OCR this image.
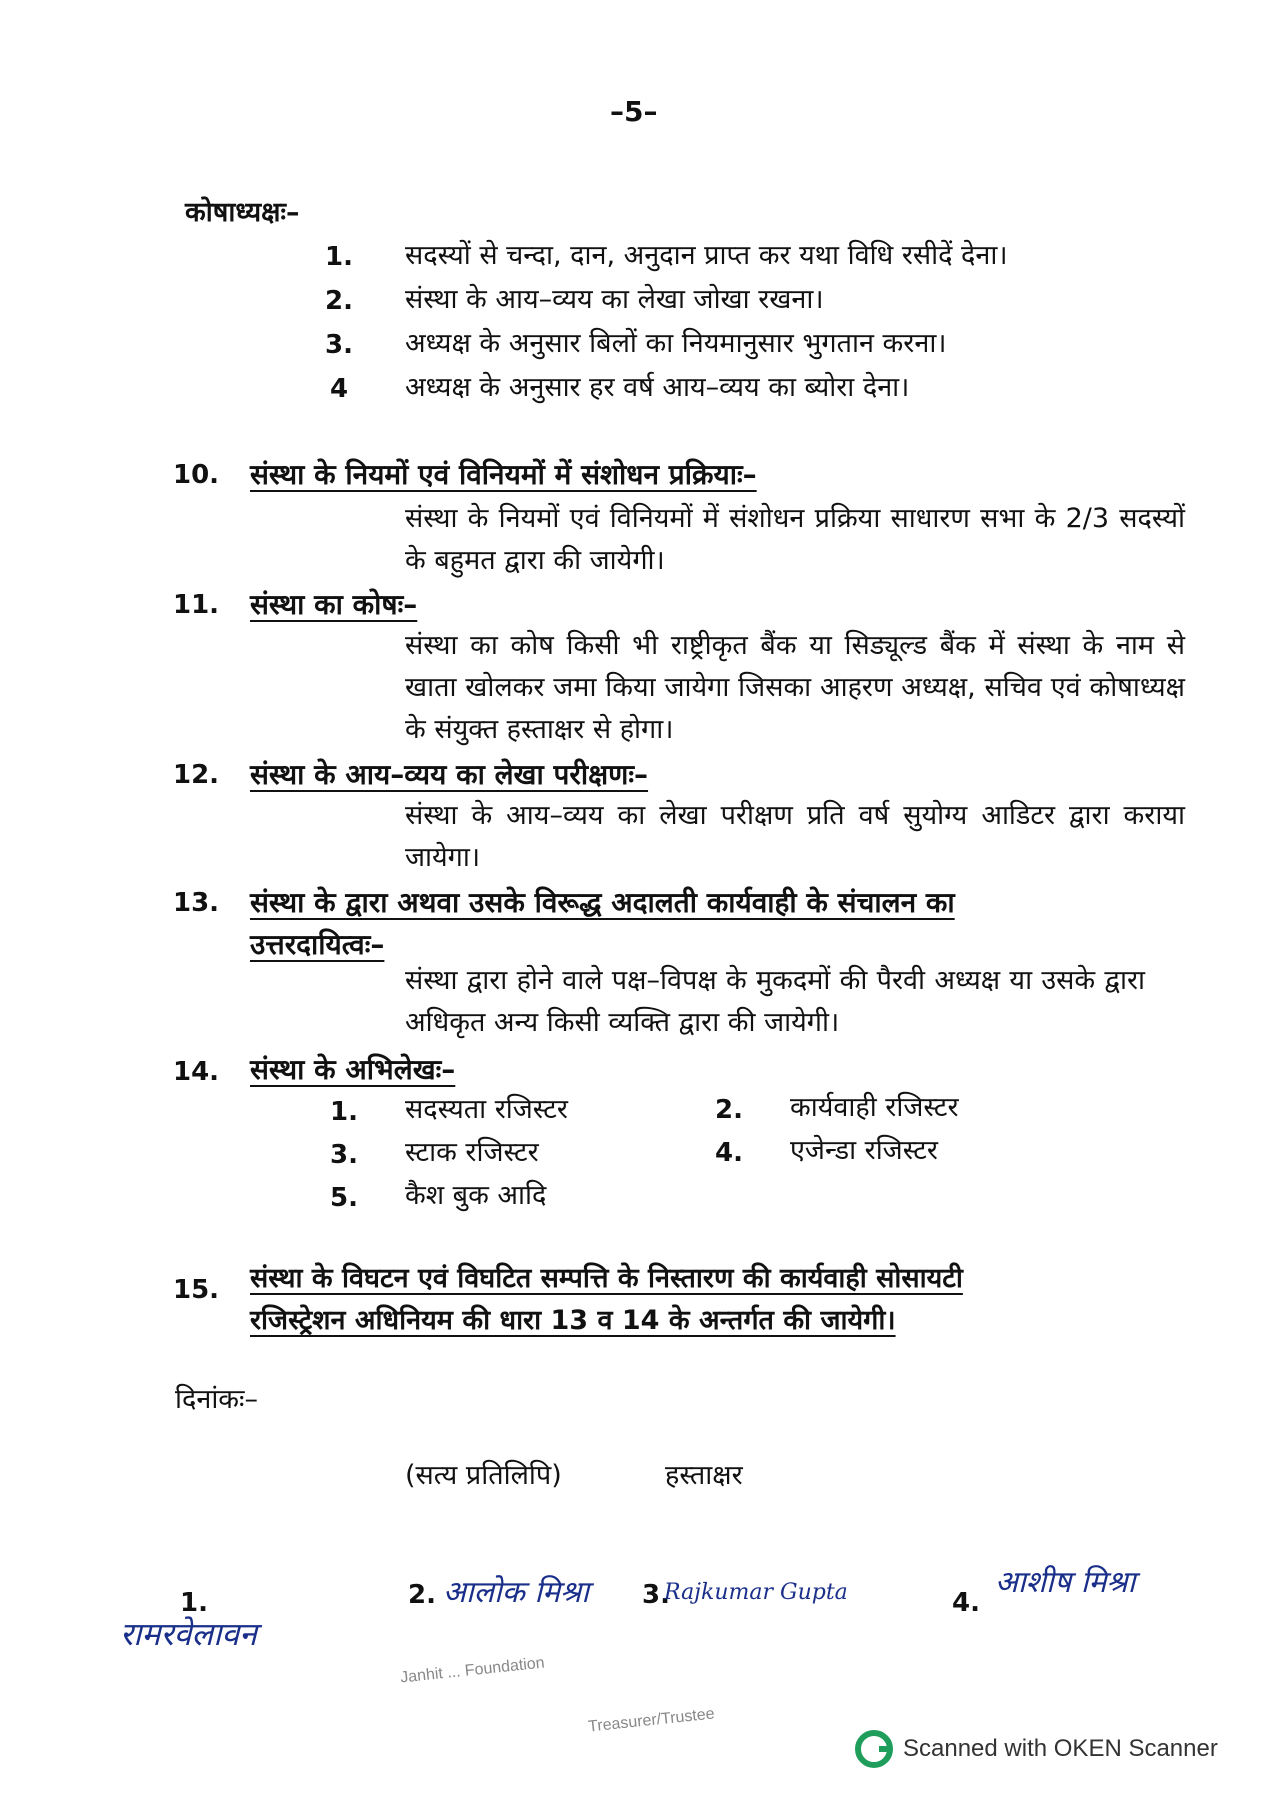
–5–
कोषाध्यक्षः–
1. सदस्यों से चन्दा, दान, अनुदान प्राप्त कर यथा विधि रसीदें देना।
2. संस्था के आय–व्यय का लेखा जोखा रखना।
3. अध्यक्ष के अनुसार बिलों का नियमानुसार भुगतान करना।
4 अध्यक्ष के अनुसार हर वर्ष आय–व्यय का ब्योरा देना।
10. संस्था के नियमों एवं विनियमों में संशोधन प्रक्रियाः–
संस्था के नियमों एवं विनियमों में संशोधन प्रक्रिया साधारण सभा के 2/3 सदस्यों के बहुमत द्वारा की जायेगी।
11. संस्था का कोषः–
संस्था का कोष किसी भी राष्ट्रीकृत बैंक या सिड्यूल्ड बैंक में संस्था के नाम से खाता खोलकर जमा किया जायेगा जिसका आहरण अध्यक्ष, सचिव एवं कोषाध्यक्ष के संयुक्त हस्ताक्षर से होगा।
12. संस्था के आय–व्यय का लेखा परीक्षणः–
संस्था के आय–व्यय का लेखा परीक्षण प्रति वर्ष सुयोग्य आडिटर द्वारा कराया जायेगा।
13. संस्था के द्वारा अथवा उसके विरूद्ध अदालती कार्यवाही के संचालन का
उत्तरदायित्वः–
संस्था द्वारा होने वाले पक्ष–विपक्ष के मुकदमों की पैरवी अध्यक्ष या उसके द्वारा अधिकृत अन्य किसी व्यक्ति द्वारा की जायेगी।
14. संस्था के अभिलेखः–
1. सदस्यता रजिस्टर	2. कार्यवाही रजिस्टर
3. स्टाक रजिस्टर	4. एजेन्डा रजिस्टर
5. कैश बुक आदि
15. संस्था के विघटन एवं विघटित सम्पत्ति के निस्तारण की कार्यवाही सोसायटी
रजिस्ट्रेशन अधिनियम की धारा 13 व 14 के अन्तर्गत की जायेगी।
दिनांकः–
(सत्य प्रतिलिपि)	हस्ताक्षर
1.
रामरवेलावन
2. आलोक मिश्रा 3.
Rajkumar Gupta	4.
आशीष मिश्रा
Janhit ... Foundation
Treasurer/Trustee
Scanned with OKEN Scanner
